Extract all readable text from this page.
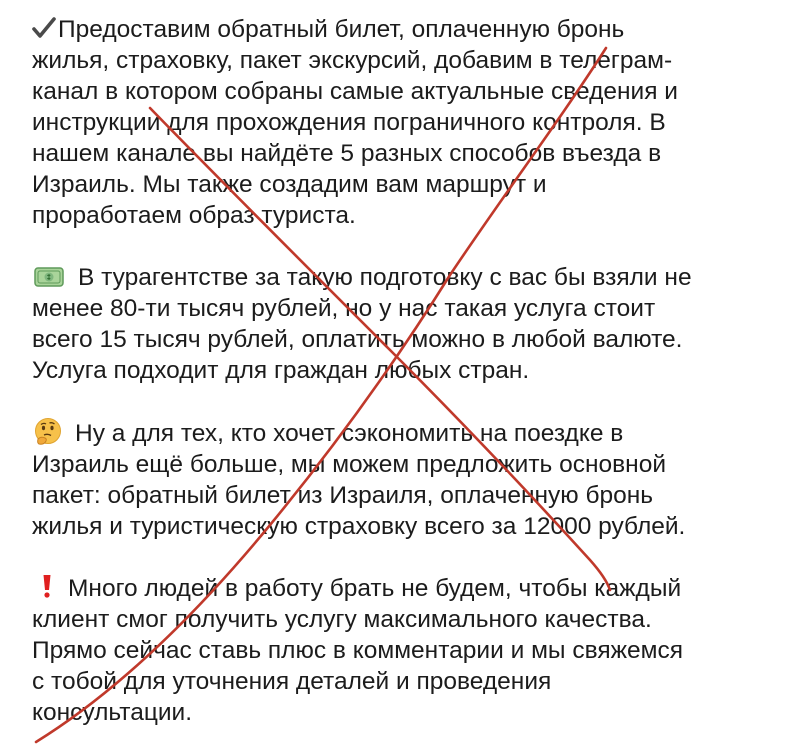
Предоставим обратный билет, оплаченную бронь
жилья, страховку, пакет экскурсий, добавим в телеграм-
канал в котором собраны самые актуальные сведения и
инструкции для прохождения пограничного контроля. В
нашем канале вы найдёте 5 разных способов въезда в
Израиль. Мы также создадим вам маршрут и
проработаем образ туриста.

В турагентстве за такую подготовку с вас бы взяли не
менее 80-ти тысяч рублей, но у нас такая услуга стоит
всего 15 тысяч рублей, оплатить можно в любой валюте.
Услуга подходит для граждан любых стран.

Ну а для тех, кто хочет сэкономить на поездке в
Израиль ещё больше, мы можем предложить основной
пакет: обратный билет из Израиля, оплаченную бронь
жилья и туристическую страховку всего за 12000 рублей.

Много людей в работу брать не будем, чтобы каждый
клиент смог получить услугу максимального качества.
Прямо сейчас ставь плюс в комментарии и мы свяжемся
с тобой для уточнения деталей и проведения
консультации.
